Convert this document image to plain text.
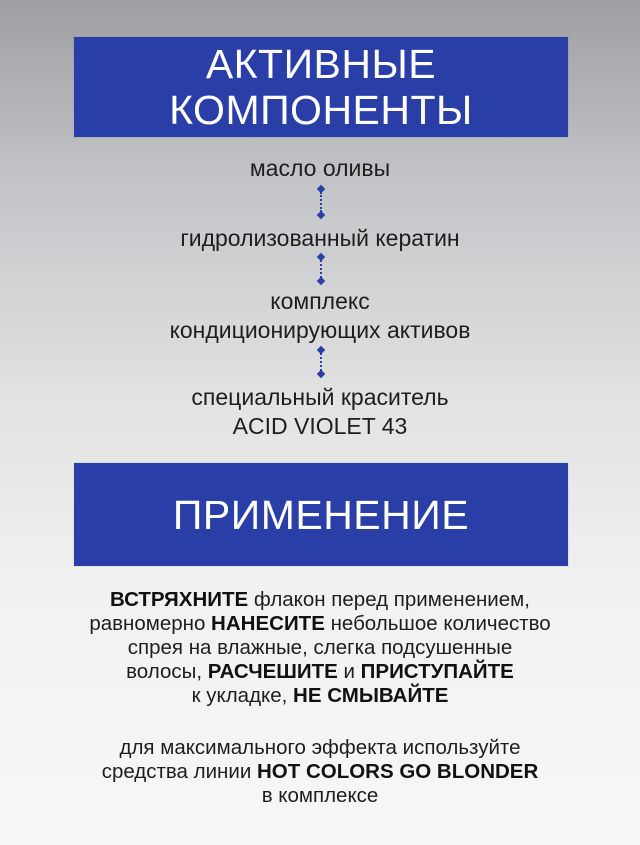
АКТИВНЫЕ
КОМПОНЕНТЫ
масло оливы
гидролизованный кератин
комплекс
кондиционирующих активов
специальный краситель
ACID VIOLET 43
ПРИМЕНЕНИЕ
ВСТРЯХНИТЕ флакон перед применением,
равномерно НАНЕСИТЕ небольшое количество
спрея на влажные, слегка подсушенные
волосы, РАСЧЕШИТЕ и ПРИСТУПАЙТЕ
к укладке, НЕ СМЫВАЙТЕ
для максимального эффекта используйте
средства линии HOT COLORS GO BLONDER
в комплексе
